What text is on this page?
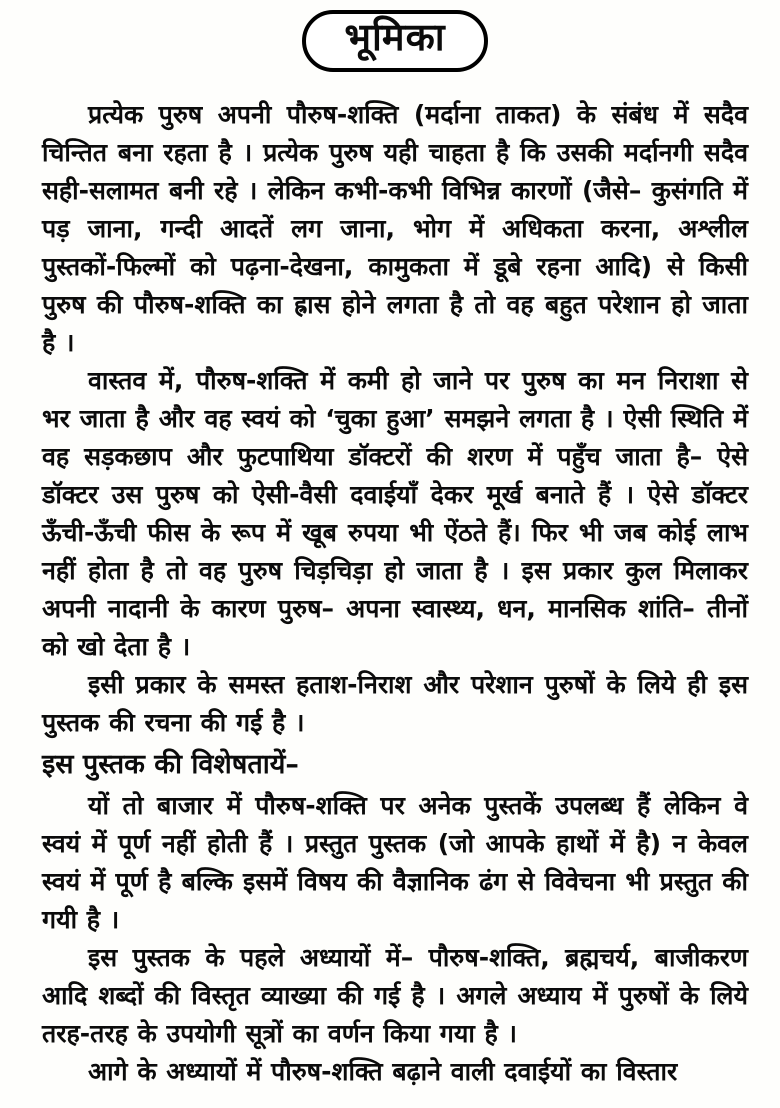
भूमिका

प्रत्येक पुरुष अपनी पौरुष-शक्ति (मर्दाना ताकत) के संबंध में सदैव चिन्तित बना रहता है । प्रत्येक पुरुष यही चाहता है कि उसकी मर्दानगी सदैव सही-सलामत बनी रहे । लेकिन कभी-कभी विभिन्न कारणों (जैसे– कुसंगति में पड़ जाना, गन्दी आदतें लग जाना, भोग में अधिकता करना, अश्लील पुस्तकों-फिल्मों को पढ़ना-देखना, कामुकता में डूबे रहना आदि) से किसी पुरुष की पौरुष-शक्ति का ह्रास होने लगता है तो वह बहुत परेशान हो जाता है ।

वास्तव में, पौरुष-शक्ति में कमी हो जाने पर पुरुष का मन निराशा से भर जाता है और वह स्वयं को ‘चुका हुआ’ समझने लगता है । ऐसी स्थिति में वह सड़कछाप और फुटपाथिया डॉक्टरों की शरण में पहुँच जाता है– ऐसे डॉक्टर उस पुरुष को ऐसी-वैसी दवाईयाँ देकर मूर्ख बनाते हैं । ऐसे डॉक्टर ऊँची-ऊँची फीस के रूप में खूब रुपया भी ऐंठते हैं। फिर भी जब कोई लाभ नहीं होता है तो वह पुरुष चिड़चिड़ा हो जाता है । इस प्रकार कुल मिलाकर अपनी नादानी के कारण पुरुष– अपना स्वास्थ्य, धन, मानसिक शांति– तीनों को खो देता है ।

इसी प्रकार के समस्त हताश-निराश और परेशान पुरुषों के लिये ही इस पुस्तक की रचना की गई है ।

इस पुस्तक की विशेषतायें–

यों तो बाजार में पौरुष-शक्ति पर अनेक पुस्तकें उपलब्ध हैं लेकिन वे स्वयं में पूर्ण नहीं होती हैं । प्रस्तुत पुस्तक (जो आपके हाथों में है) न केवल स्वयं में पूर्ण है बल्कि इसमें विषय की वैज्ञानिक ढंग से विवेचना भी प्रस्तुत की गयी है ।

इस पुस्तक के पहले अध्यायों में– पौरुष-शक्ति, ब्रह्मचर्य, बाजीकरण आदि शब्दों की विस्तृत व्याख्या की गई है । अगले अध्याय में पुरुषों के लिये तरह-तरह के उपयोगी सूत्रों का वर्णन किया गया है ।

आगे के अध्यायों में पौरुष-शक्ति बढ़ाने वाली दवाईयों का विस्तार
